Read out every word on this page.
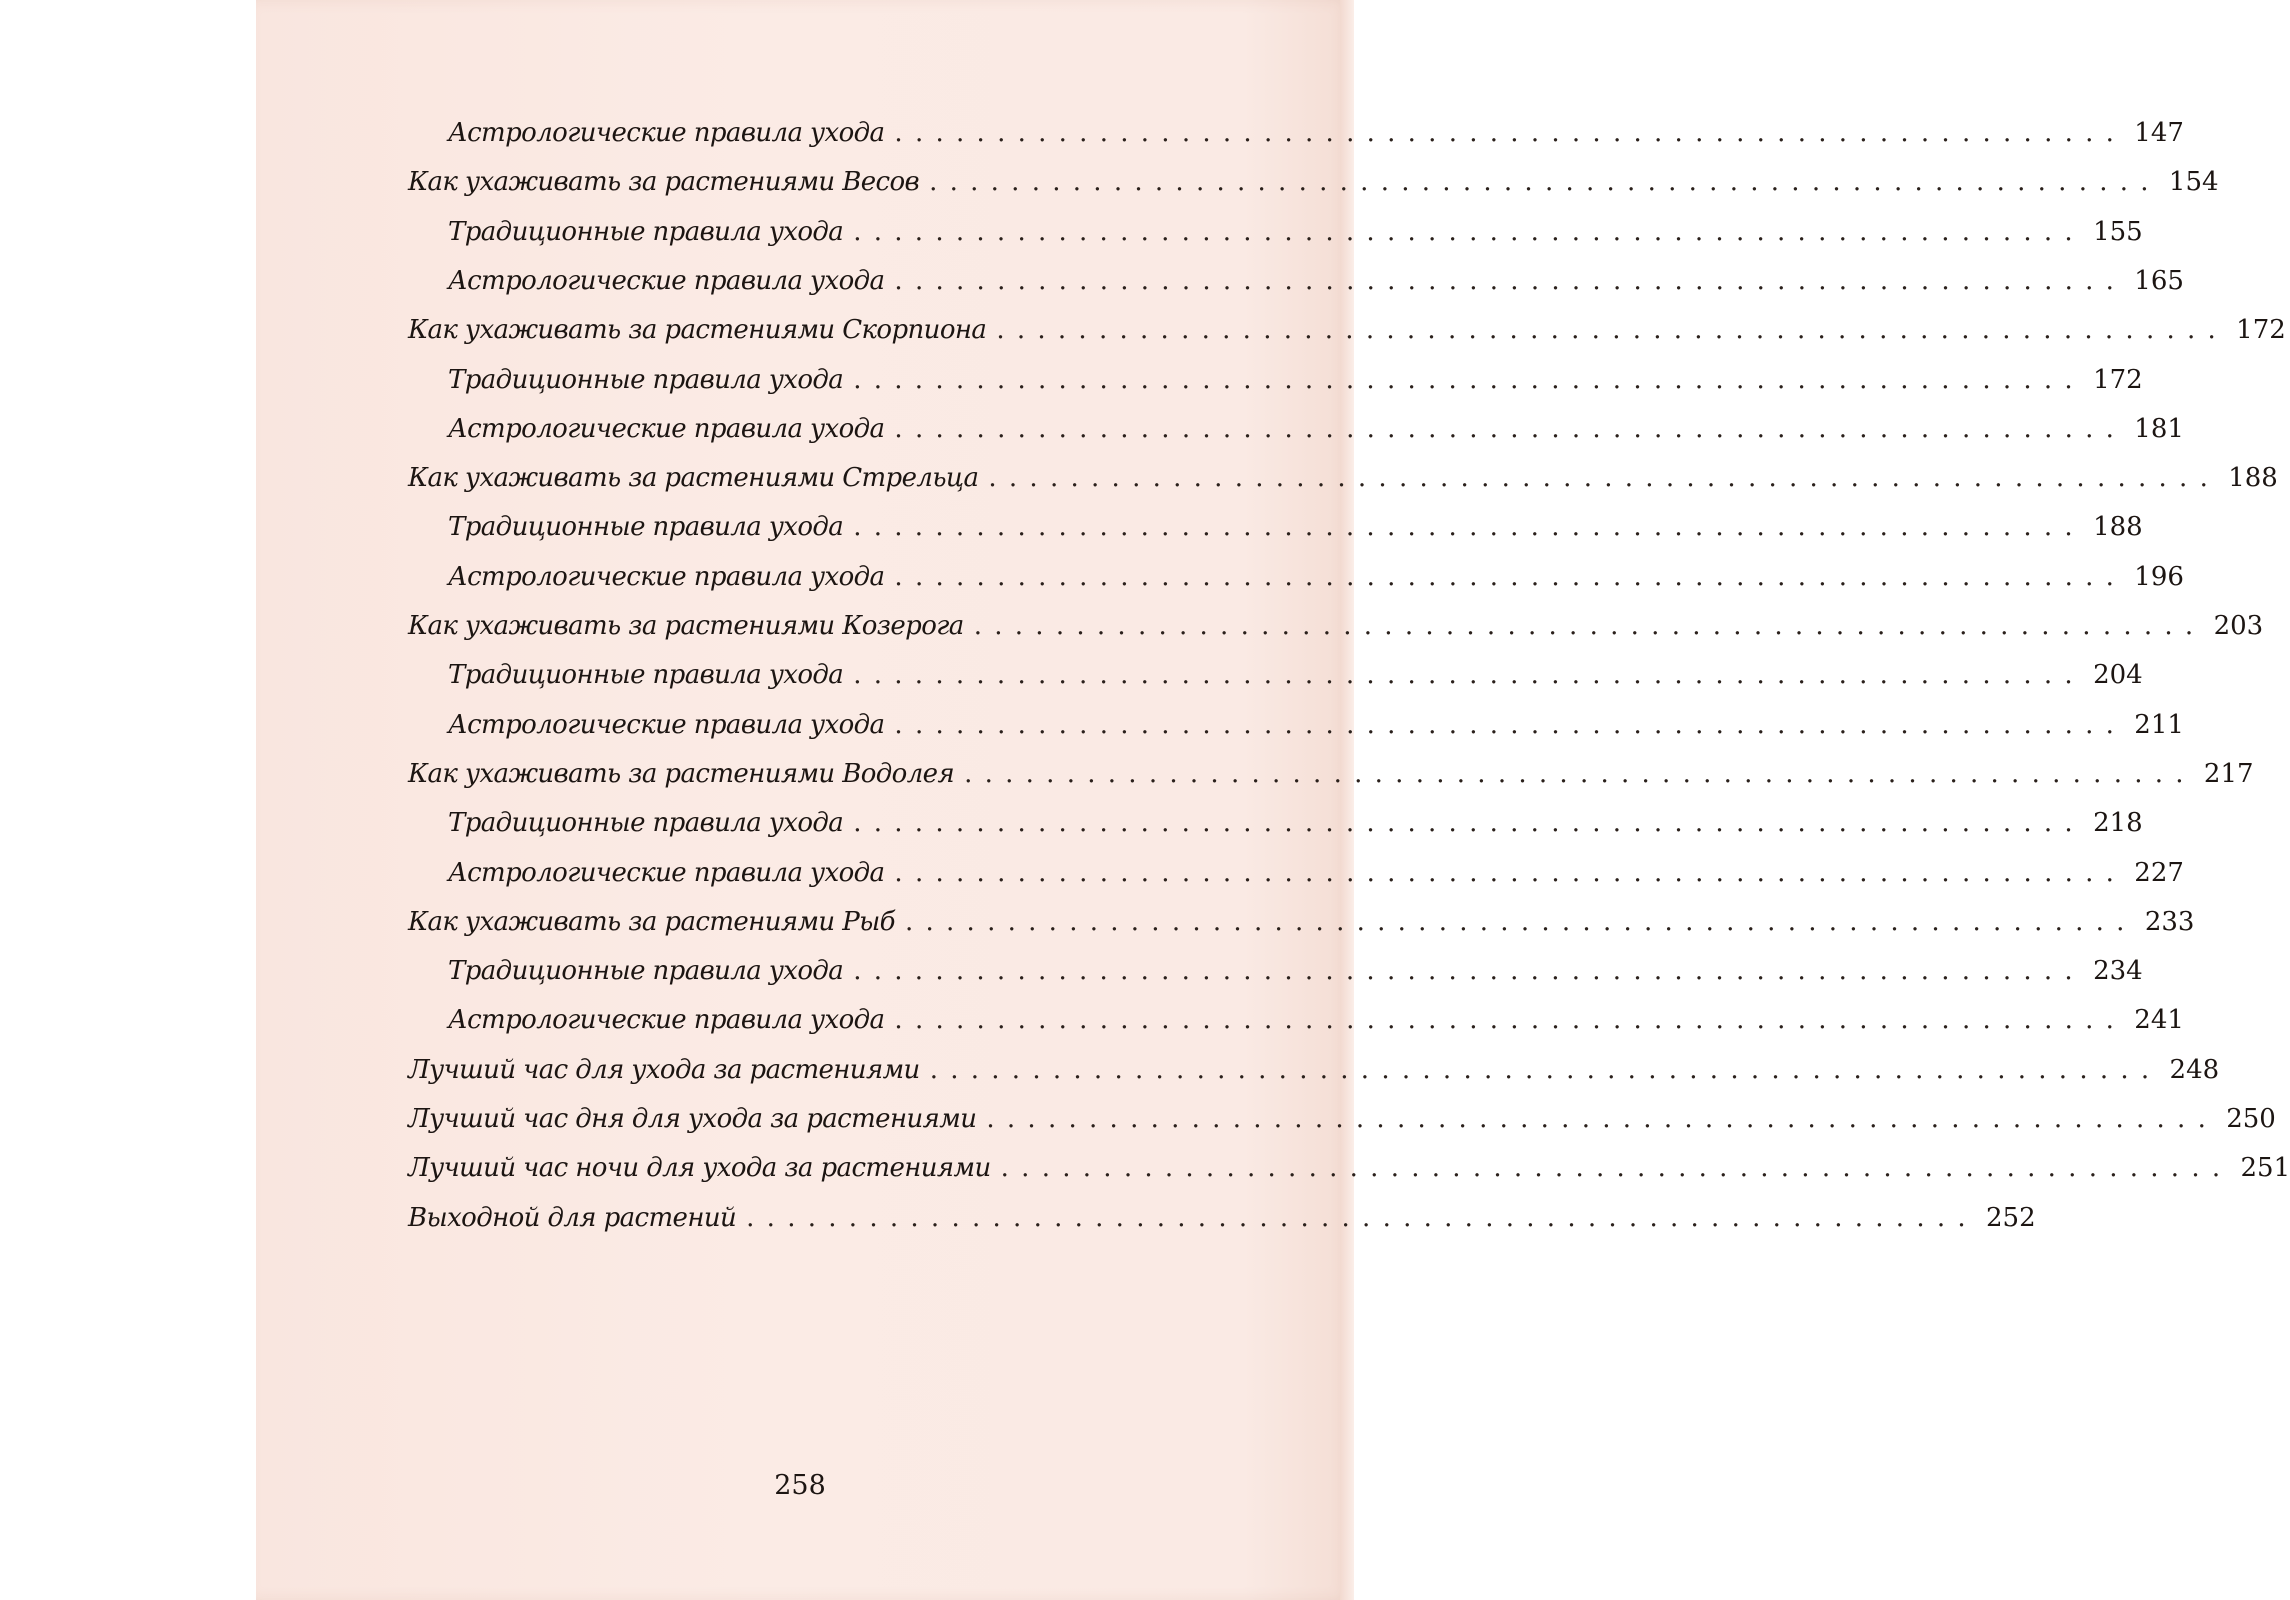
Астрологические правила ухода . . . . . . . . . . . . . . . . . . . . . . . . . . . . . . . . . . . . . . . . . . . . . . . . . . . . . . . . . . . . 147
Как ухаживать за растениями Весов . . . . . . . . . . . . . . . . . . . . . . . . . . . . . . . . . . . . . . . . . . . . . . . . . . . . . . . . . . . . 154
Традиционные правила ухода . . . . . . . . . . . . . . . . . . . . . . . . . . . . . . . . . . . . . . . . . . . . . . . . . . . . . . . . . . . . 155
Астрологические правила ухода . . . . . . . . . . . . . . . . . . . . . . . . . . . . . . . . . . . . . . . . . . . . . . . . . . . . . . . . . . . . 165
Как ухаживать за растениями Скорпиона . . . . . . . . . . . . . . . . . . . . . . . . . . . . . . . . . . . . . . . . . . . . . . . . . . . . . . . . . . . . 172
Традиционные правила ухода . . . . . . . . . . . . . . . . . . . . . . . . . . . . . . . . . . . . . . . . . . . . . . . . . . . . . . . . . . . . 172
Астрологические правила ухода . . . . . . . . . . . . . . . . . . . . . . . . . . . . . . . . . . . . . . . . . . . . . . . . . . . . . . . . . . . . 181
Как ухаживать за растениями Стрельца . . . . . . . . . . . . . . . . . . . . . . . . . . . . . . . . . . . . . . . . . . . . . . . . . . . . . . . . . . . . 188
Традиционные правила ухода . . . . . . . . . . . . . . . . . . . . . . . . . . . . . . . . . . . . . . . . . . . . . . . . . . . . . . . . . . . . 188
Астрологические правила ухода . . . . . . . . . . . . . . . . . . . . . . . . . . . . . . . . . . . . . . . . . . . . . . . . . . . . . . . . . . . . 196
Как ухаживать за растениями Козерога . . . . . . . . . . . . . . . . . . . . . . . . . . . . . . . . . . . . . . . . . . . . . . . . . . . . . . . . . . . . 203
Традиционные правила ухода . . . . . . . . . . . . . . . . . . . . . . . . . . . . . . . . . . . . . . . . . . . . . . . . . . . . . . . . . . . . 204
Астрологические правила ухода . . . . . . . . . . . . . . . . . . . . . . . . . . . . . . . . . . . . . . . . . . . . . . . . . . . . . . . . . . . . 211
Как ухаживать за растениями Водолея . . . . . . . . . . . . . . . . . . . . . . . . . . . . . . . . . . . . . . . . . . . . . . . . . . . . . . . . . . . . 217
Традиционные правила ухода . . . . . . . . . . . . . . . . . . . . . . . . . . . . . . . . . . . . . . . . . . . . . . . . . . . . . . . . . . . . 218
Астрологические правила ухода . . . . . . . . . . . . . . . . . . . . . . . . . . . . . . . . . . . . . . . . . . . . . . . . . . . . . . . . . . . . 227
Как ухаживать за растениями Рыб . . . . . . . . . . . . . . . . . . . . . . . . . . . . . . . . . . . . . . . . . . . . . . . . . . . . . . . . . . . . 233
Традиционные правила ухода . . . . . . . . . . . . . . . . . . . . . . . . . . . . . . . . . . . . . . . . . . . . . . . . . . . . . . . . . . . . 234
Астрологические правила ухода . . . . . . . . . . . . . . . . . . . . . . . . . . . . . . . . . . . . . . . . . . . . . . . . . . . . . . . . . . . . 241
Лучший час для ухода за растениями . . . . . . . . . . . . . . . . . . . . . . . . . . . . . . . . . . . . . . . . . . . . . . . . . . . . . . . . . . . . 248
Лучший час дня для ухода за растениями . . . . . . . . . . . . . . . . . . . . . . . . . . . . . . . . . . . . . . . . . . . . . . . . . . . . . . . . . . . . 250
Лучший час ночи для ухода за растениями . . . . . . . . . . . . . . . . . . . . . . . . . . . . . . . . . . . . . . . . . . . . . . . . . . . . . . . . . . . . 251
Выходной для растений . . . . . . . . . . . . . . . . . . . . . . . . . . . . . . . . . . . . . . . . . . . . . . . . . . . . . . . . . . . . 252
258
